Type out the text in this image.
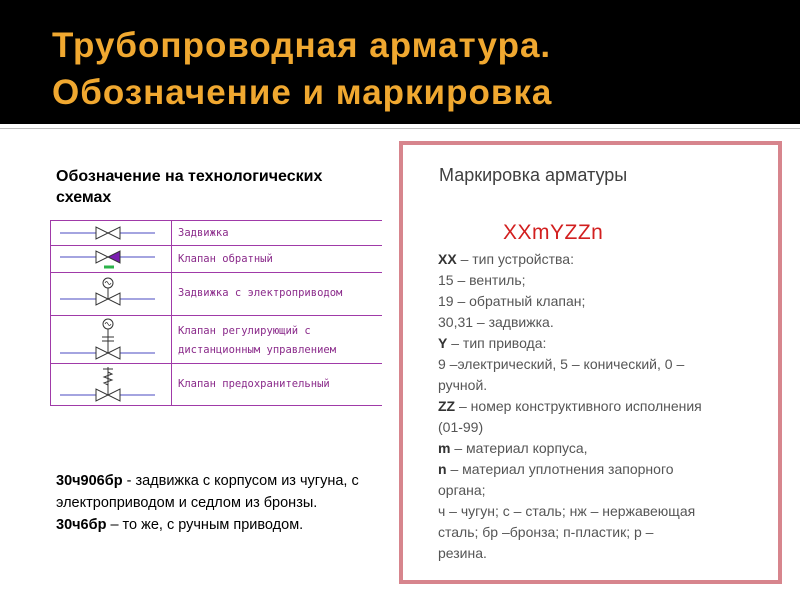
Трубопроводная арматура.
Обозначение и маркировка
Обозначение на технологических схемах
Задвижка
Клапан обратный
Задвижка с электроприводом
Клапан регулирующий с
дистанционным управлением
Клапан предохранительный

30ч906бр - задвижка с корпусом из чугуна, с электроприводом и седлом из бронзы.

30ч6бр – то же, с ручным приводом.

Маркировка арматуры
XXmYZZn
XX – тип устройства:
15 – вентиль;
19 – обратный клапан;
30,31 – задвижка.
Y – тип привода:
9 –электрический, 5 – конический, 0 –
ручной.
ZZ – номер конструктивного исполнения
(01-99)
m – материал корпуса,
n – материал уплотнения запорного
органа;
ч – чугун; с – сталь; нж – нержавеющая
сталь; бр –бронза; п-пластик; р –
резина.
